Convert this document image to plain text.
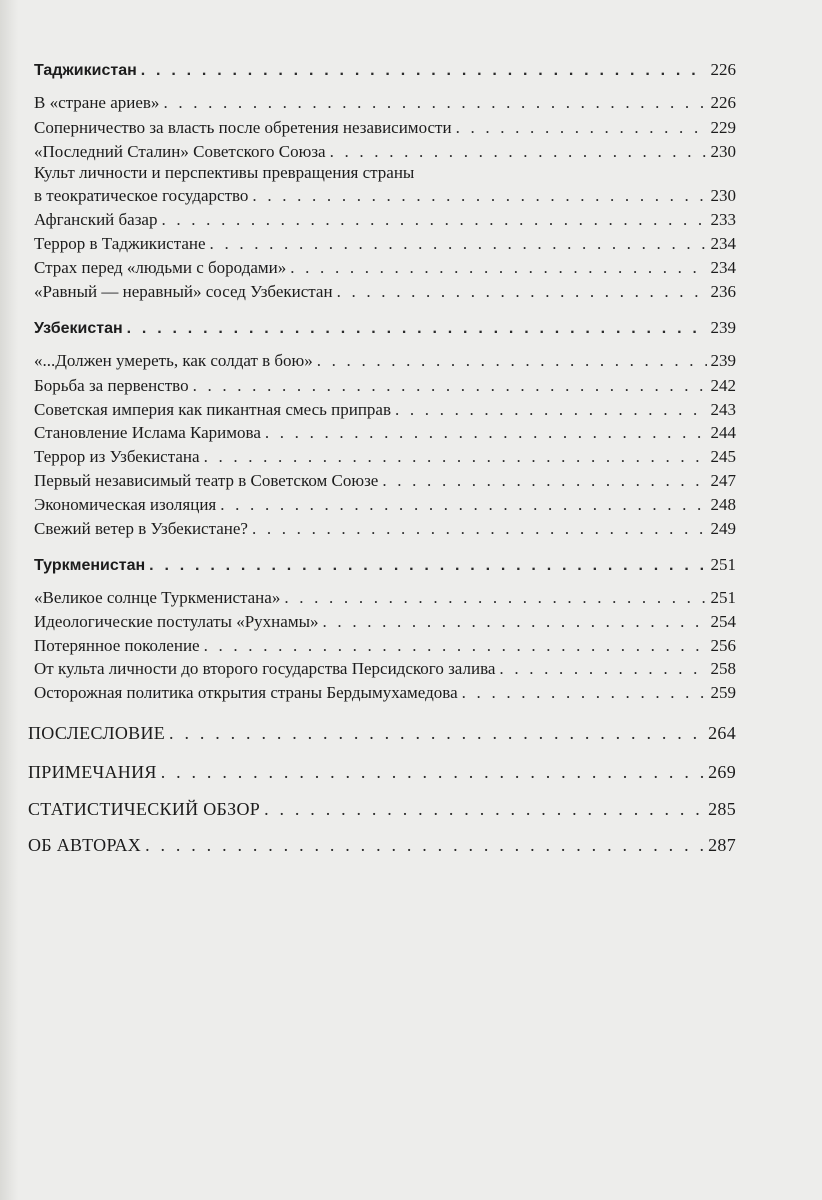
Таджикистан . . .	226
В «стране ариев» . . .	226
Соперничество за власть после обретения независимости . . .	229
«Последний Сталин» Советского Союза . . .	230
Культ личности и перспективы превращения страны
в теократическое государство . . .	230
Афганский базар . . .	233
Террор в Таджикистане . . .	234
Страх перед «людьми с бородами» . . .	234
«Равный — неравный» сосед Узбекистан . . .	236
Узбекистан . . .	239
«...Должен умереть, как солдат в бою» . . .	239
Борьба за первенство . . .	242
Советская империя как пикантная смесь приправ . . .	243
Становление Ислама Каримова . . .	244
Террор из Узбекистана . . .	245
Первый независимый театр в Советском Союзе . . .	247
Экономическая изоляция . . .	248
Свежий ветер в Узбекистане? . . .	249
Туркменистан . . .	251
«Великое солнце Туркменистана» . . .	251
Идеологические постулаты «Рухнамы» . . .	254
Потерянное поколение . . .	256
От культа личности до второго государства Персидского залива . . .	258
Осторожная политика открытия страны Бердымухамедова . . .	259
ПОСЛЕСЛОВИЕ . . .	264
ПРИМЕЧАНИЯ . . .	269
СТАТИСТИЧЕСКИЙ ОБЗОР . . .	285
ОБ АВТОРАХ . . .	287
